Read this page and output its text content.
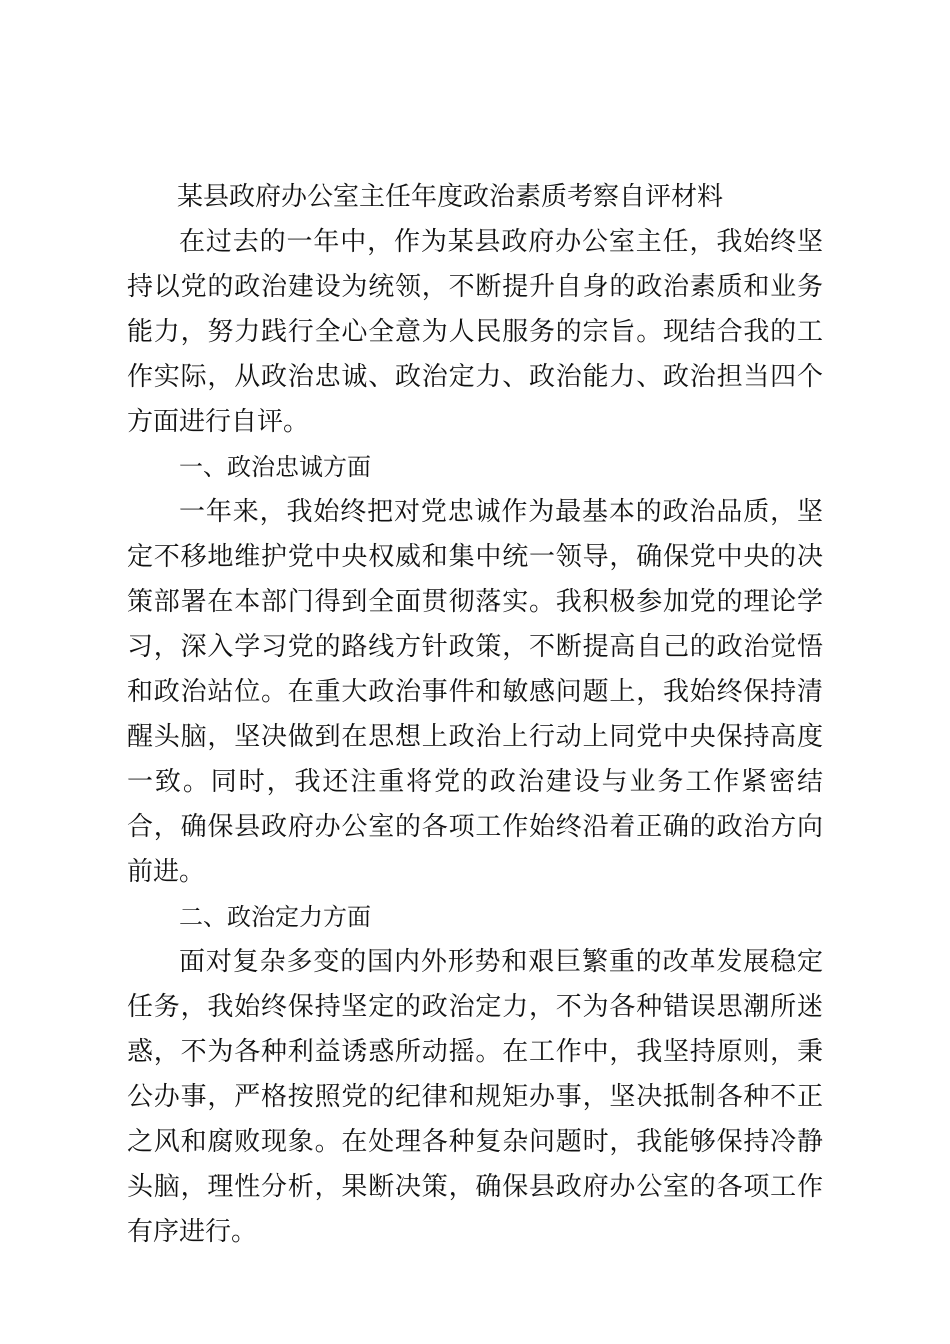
某县政府办公室主任年度政治素质考察自评材料

在过去的一年中，作为某县政府办公室主任，我始终坚持以党的政治建设为统领，不断提升自身的政治素质和业务能力，努力践行全心全意为人民服务的宗旨。现结合我的工作实际，从政治忠诚、政治定力、政治能力、政治担当四个方面进行自评。

一、政治忠诚方面

一年来，我始终把对党忠诚作为最基本的政治品质，坚定不移地维护党中央权威和集中统一领导，确保党中央的决策部署在本部门得到全面贯彻落实。我积极参加党的理论学习，深入学习党的路线方针政策，不断提高自己的政治觉悟和政治站位。在重大政治事件和敏感问题上，我始终保持清醒头脑，坚决做到在思想上政治上行动上同党中央保持高度一致。同时，我还注重将党的政治建设与业务工作紧密结合，确保县政府办公室的各项工作始终沿着正确的政治方向前进。

二、政治定力方面

面对复杂多变的国内外形势和艰巨繁重的改革发展稳定任务，我始终保持坚定的政治定力，不为各种错误思潮所迷惑，不为各种利益诱惑所动摇。在工作中，我坚持原则，秉公办事，严格按照党的纪律和规矩办事，坚决抵制各种不正之风和腐败现象。在处理各种复杂问题时，我能够保持冷静头脑，理性分析，果断决策，确保县政府办公室的各项工作有序进行。
